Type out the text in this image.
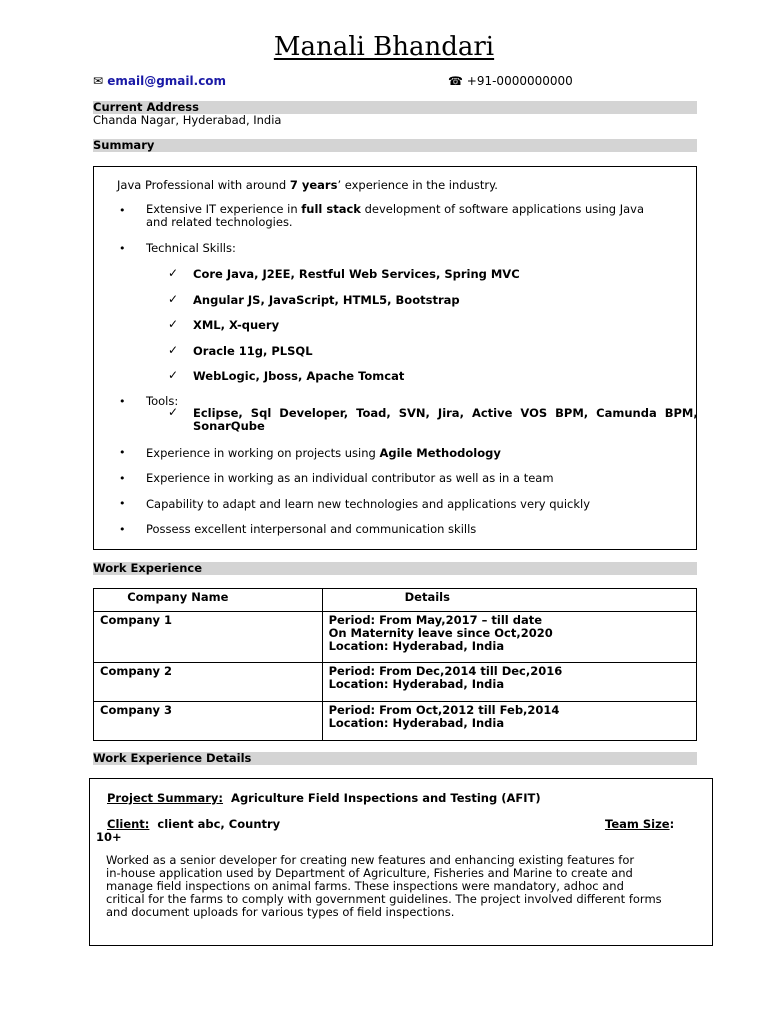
Manali Bhandari
✉ email@gmail.com	☎ +91-0000000000
Current Address
Chanda Nagar, Hyderabad, India
Summary
Java Professional with around 7 years’ experience in the industry.
• Extensive IT experience in full stack development of software applications using Java
and related technologies.
• Technical Skills:
✓ Core Java, J2EE, Restful Web Services, Spring MVC
✓ Angular JS, JavaScript, HTML5, Bootstrap
✓ XML, X-query
✓ Oracle 11g, PLSQL
✓ WebLogic, Jboss, Apache Tomcat
• Tools:
✓ Eclipse,  Sql  Developer,  Toad,  SVN,  Jira,  Active  VOS  BPM,  Camunda  BPM,
SonarQube
• Experience in working on projects using Agile Methodology
• Experience in working as an individual contributor as well as in a team
• Capability to adapt and learn new technologies and applications very quickly
• Possess excellent interpersonal and communication skills
Work Experience
Company Name	Details
Company 1	Period: From May,2017 – till date
On Maternity leave since Oct,2020
Location: Hyderabad, India

Company 2	Period: From Dec,2014 till Dec,2016
Location: Hyderabad, India

Company 3	Period: From Oct,2012 till Feb,2014
Location: Hyderabad, India
Work Experience Details
Project Summary: Agriculture Field Inspections and Testing (AFIT)
Client: client abc, Country	Team Size:
10+
Worked as a senior developer for creating new features and enhancing existing features for
in-house application used by Department of Agriculture, Fisheries and Marine to create and
manage field inspections on animal farms. These inspections were mandatory, adhoc and
critical for the farms to comply with government guidelines. The project involved different forms
and document uploads for various types of field inspections.
